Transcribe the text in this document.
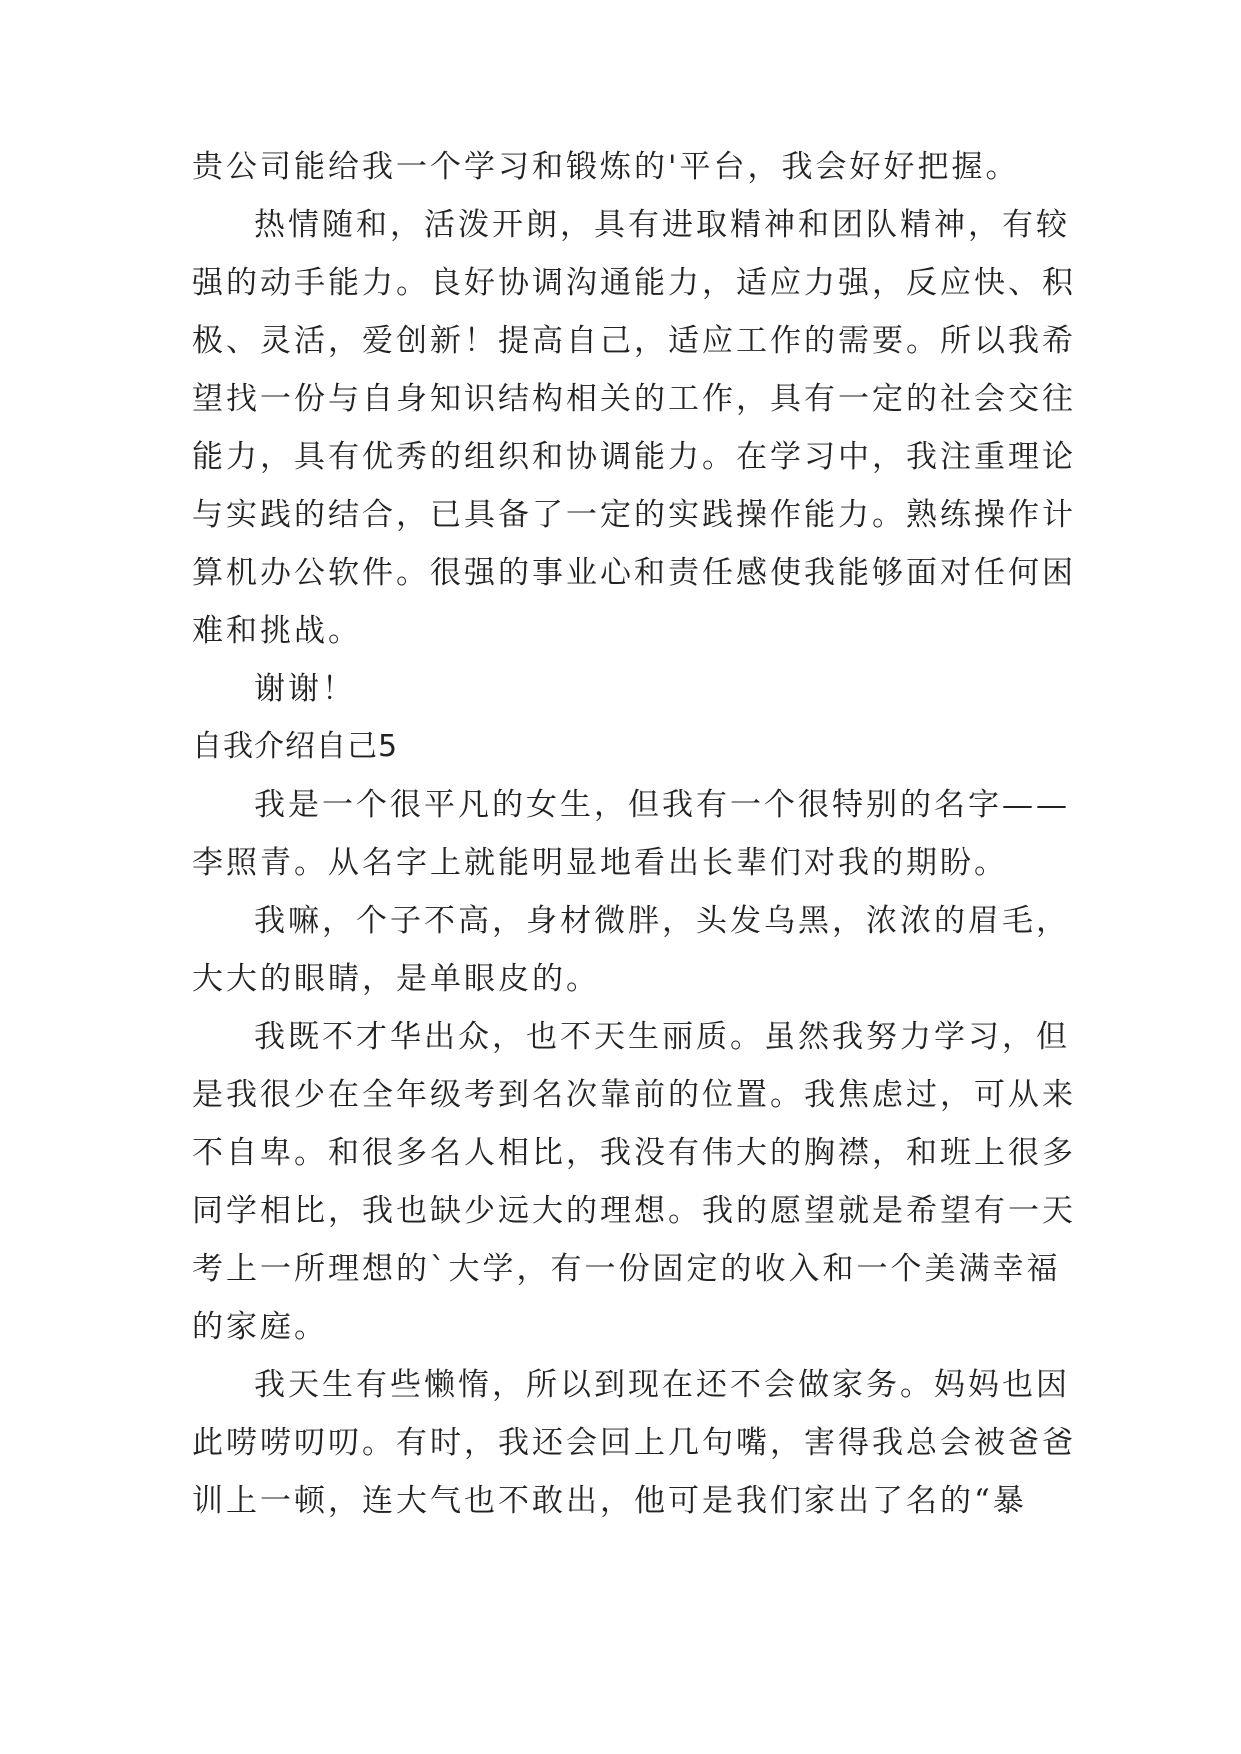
贵公司能给我一个学习和锻炼的'平台，我会好好把握。
热情随和，活泼开朗，具有进取精神和团队精神，有较
强的动手能力。良好协调沟通能力，适应力强，反应快、积
极、灵活，爱创新！提高自己，适应工作的需要。所以我希
望找一份与自身知识结构相关的工作，具有一定的社会交往
能力，具有优秀的组织和协调能力。在学习中，我注重理论
与实践的结合，已具备了一定的实践操作能力。熟练操作计
算机办公软件。很强的事业心和责任感使我能够面对任何困
难和挑战。
谢谢！
自我介绍自己5
我是一个很平凡的女生，但我有一个很特别的名字——
李照青。从名字上就能明显地看出长辈们对我的期盼。
我嘛，个子不高，身材微胖，头发乌黑，浓浓的眉毛，
大大的眼睛，是单眼皮的。
我既不才华出众，也不天生丽质。虽然我努力学习，但
是我很少在全年级考到名次靠前的位置。我焦虑过，可从来
不自卑。和很多名人相比，我没有伟大的胸襟，和班上很多
同学相比，我也缺少远大的理想。我的愿望就是希望有一天
考上一所理想的`大学，有一份固定的收入和一个美满幸福
的家庭。
我天生有些懒惰，所以到现在还不会做家务。妈妈也因
此唠唠叨叨。有时，我还会回上几句嘴，害得我总会被爸爸
训上一顿，连大气也不敢出，他可是我们家出了名的“暴
